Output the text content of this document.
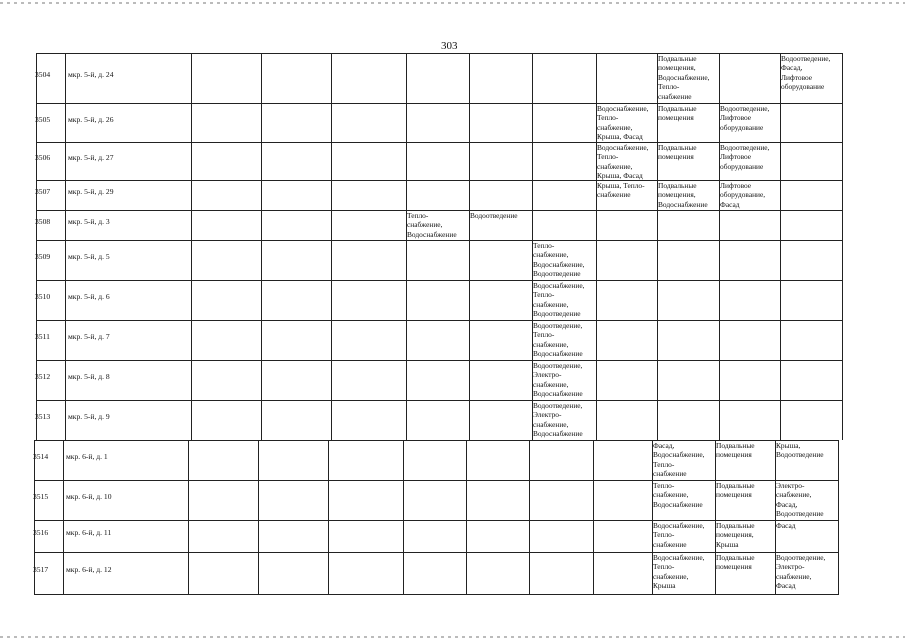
303
3504 мкр. 5-й, д. 24
Подвальные
помещения,
Водоснабжение,
Тепло-
снабжение
Водоотведение,
Фасад,
Лифтовое
оборудование
3505 мкр. 5-й, д. 26
Водоснабжение,
Тепло-
снабжение,
Крыша, Фасад
Подвальные
помещения
Водоотведение,
Лифтовое
оборудование
3506 мкр. 5-й, д. 27
Водоснабжение,
Тепло-
снабжение,
Крыша, Фасад
Подвальные
помещения
Водоотведение,
Лифтовое
оборудование
3507 мкр. 5-й, д. 29
Крыша, Тепло-
снабжение
Подвальные
помещения,
Водоснабжение
Лифтовое
оборудование,
Фасад
3508 мкр. 5-й, д. 3
Тепло-
снабжение,
Водоснабжение
Водоотведение
3509 мкр. 5-й, д. 5
Тепло-
снабжение,
Водоснабжение,
Водоотведение
3510 мкр. 5-й, д. 6
Водоснабжение,
Тепло-
снабжение,
Водоотведение
3511 мкр. 5-й, д. 7
Водоотведение,
Тепло-
снабжение,
Водоснабжение
3512 мкр. 5-й, д. 8
Водоотведение,
Электро-
снабжение,
Водоснабжение
3513 мкр. 5-й, д. 9
Водоотведение,
Электро-
снабжение,
Водоснабжение
3514 мкр. 6-й, д. 1
Фасад,
Водоснабжение,
Тепло-
снабжение
Подвальные
помещения
Крыша,
Водоотведение
3515 мкр. 6-й, д. 10
Тепло-
снабжение,
Водоснабжение
Подвальные
помещения
Электро-
снабжение,
Фасад,
Водоотведение
3516 мкр. 6-й, д. 11
Водоснабжение,
Тепло-
снабжение
Подвальные
помещения,
Крыша
Фасад
3517 мкр. 6-й, д. 12
Водоснабжение,
Тепло-
снабжение,
Крыша
Подвальные
помещения
Водоотведение,
Электро-
снабжение,
Фасад
